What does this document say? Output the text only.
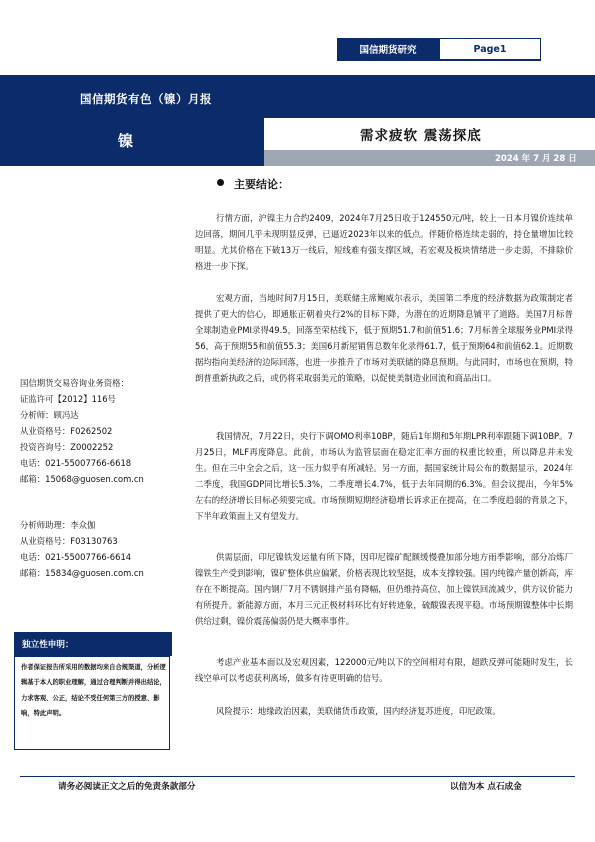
国信期货研究	Page1
国信期货有色（镍）月报
镍	需求疲软 震荡探底
2024 年 7 月 28 日
主要结论：

行情方面，沪镍主力合约2409，2024年7月25日收于124550元/吨，较上一日本月镍价连续单边回落，期间几乎未现明显反弹，已逼近2023年以来的低点。伴随价格连续走弱的，持仓量增加比较明显。尤其价格在下破13万一线后，短线难有强支撑区域，若宏观及板块情绪进一步走弱，不排除价格进一步下探。

宏观方面，当地时间7月15日，美联储主席鲍威尔表示，美国第二季度的经济数据为政策制定者提供了更大的信心，即通胀正朝着央行2%的目标下降，为潜在的近期降息铺平了道路。美国7月标普全球制造业PMI录得49.5，回落至荣枯线下，低于预期51.7和前值51.6；7月标普全球服务业PMI录得56，高于预期55和前值55.3；美国6月新屋销售总数年化录得61.7，低于预期64和前值62.1。近期数据均指向美经济的边际回落，也进一步推升了市场对美联储的降息预期。与此同时，市场也在预期，特朗普重新执政之后，或仍将采取弱美元的策略，以促使美制造业回流和商品出口。

我国情况，7月22日，央行下调OMO利率10BP，随后1年期和5年期LPR利率跟随下调10BP。7月25日，MLF再度降息。此前，市场认为监管层面在稳定汇率方面的权重比较重，所以降息并未发生。但在三中全会之后，这一压力似乎有所减轻。另一方面，据国家统计局公布的数据显示，2024年二季度，我国GDP同比增长5.3%，二季度增长4.7%，低于去年同期的6.3%。但会议提出，今年5%左右的经济增长目标必须要完成。市场预期短期经济稳增长诉求正在提高，在二季度趋弱的背景之下，下半年政策面上又有望发力。

供需层面，印尼镍铁发运量有所下降，因印尼镍矿配额缓慢叠加部分地方雨季影响，部分冶炼厂镍铁生产受到影响，镍矿整体供应偏紧，价格表现比较坚挺，成本支撑较强。国内纯镍产量创新高，库存在不断提高。国内钢厂7月不锈钢排产虽有降幅，但仍维持高位，加上镍铁回流减少，供方议价能力有所提升。新能源方面，本月三元正极材料环比有好转迹象，硫酸镍表现平稳。市场预期镍整体中长期供给过剩，镍价震荡偏弱仍是大概率事件。

考虑产业基本面以及宏观因素，122000元/吨以下的空间相对有限，超跌反弹可能随时发生，长线空单可以考虑获利离场，做多有待更明确的信号。

风险提示：地缘政治因素，美联储货币政策，国内经济复苏进度，印尼政策。

国信期货交易咨询业务资格：
证监许可【2012】116号
分析师：顾冯达
从业资格号：F0262502
投资咨询号：Z0002252
电话：021-55007766-6618
邮箱：15068@guosen.com.cn
分析师助理：李众伽
从业资格号：F03130763
电话：021-55007766-6614
邮箱：15834@guosen.com.cn
独立性申明：

作者保证报告所采用的数据均来自合规渠道，分析逻辑基于本人的职业理解，通过合理判断并得出结论，力求客观、公正，结论不受任何第三方的授意、影响，特此声明。

请务必阅读正文之后的免责条款部分	以信为本 点石成金
